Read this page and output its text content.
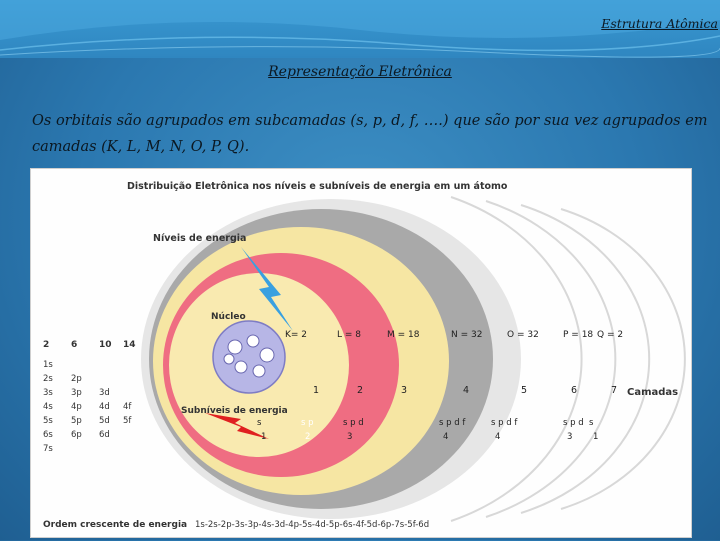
Estrutura Atômica
Representação Eletrônica
Os orbitais são agrupados em subcamadas (s, p, d, f, ….) que são por sua vez agrupados em camadas (K, L, M, N, O, P, Q).
Distribuição Eletrônica nos níveis e subníveis de energia em um átomo
Níveis de energia
Núcleo
Subníveis de energia
Camadas
K= 2	L = 8	M = 18	N = 32	O = 32	P = 18 Q = 2
1	2	3	4	5	6	7
s
1
s p
2
s p d
3
s p d f
4
s p d f
4
s p d
3
s
1
2 6 10 14
1s
2s 2p
3s 3p 3d
4s 4p 4d 4f
5s 5p 5d 5f
6s 6p 6d
7s
Ordem crescente de energia 1s-2s-2p-3s-3p-4s-3d-4p-5s-4d-5p-6s-4f-5d-6p-7s-5f-6d
